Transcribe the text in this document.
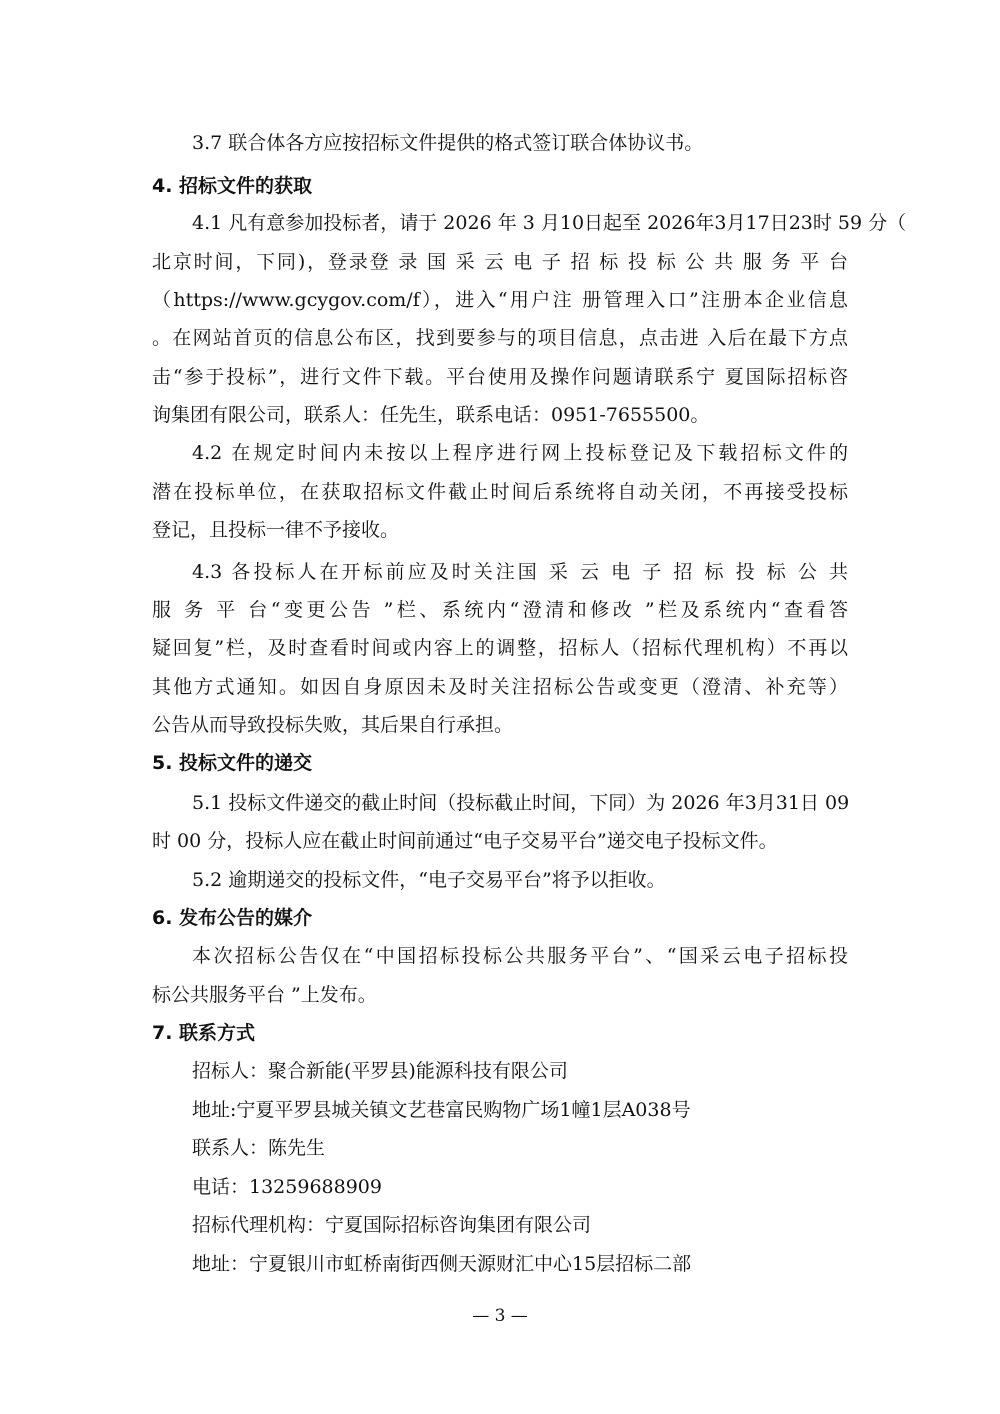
3.7 联合体各方应按招标文件提供的格式签订联合体协议书。
4. 招标文件的获取
4.1 凡有意参加投标者，请于 2026 年 3 月10日起至 2026年3月17日23时 59 分（
北京时间，下同)，登录登 录 国 采 云 电 子 招 标 投 标 公 共 服 务 平 台
（https://www.gcygov.com/f），进入“用户注 册管理入口”注册本企业信息
。在网站首页的信息公布区，找到要参与的项目信息，点击进 入后在最下方点
击“参于投标”，进行文件下载。平台使用及操作问题请联系宁 夏国际招标咨
询集团有限公司，联系人：任先生，联系电话：0951-7655500。
4.2 在规定时间内未按以上程序进行网上投标登记及下载招标文件的
潜在投标单位，在获取招标文件截止时间后系统将自动关闭，不再接受投标
登记，且投标一律不予接收。
4.3 各投标人在开标前应及时关注国 采 云 电 子 招 标 投 标 公 共
服 务 平 台“变更公告 ”栏、系统内“澄清和修改 ”栏及系统内“查看答
疑回复”栏，及时查看时间或内容上的调整，招标人（招标代理机构）不再以
其他方式通知。如因自身原因未及时关注招标公告或变更（澄清、补充等）
公告从而导致投标失败，其后果自行承担。
5. 投标文件的递交
5.1 投标文件递交的截止时间（投标截止时间，下同）为 2026 年3月31日 09
时 00 分，投标人应在截止时间前通过“电子交易平台”递交电子投标文件。
5.2 逾期递交的投标文件，“电子交易平台”将予以拒收。
6. 发布公告的媒介
本次招标公告仅在“中国招标投标公共服务平台”、“国采云电子招标投
标公共服务平台 ”上发布。
7. 联系方式
招标人：聚合新能(平罗县)能源科技有限公司
地址:宁夏平罗县城关镇文艺巷富民购物广场1幢1层A038号
联系人：陈先生
电话：13259688909
招标代理机构：宁夏国际招标咨询集团有限公司
地址：宁夏银川市虹桥南街西侧天源财汇中心15层招标二部
— 3 —
